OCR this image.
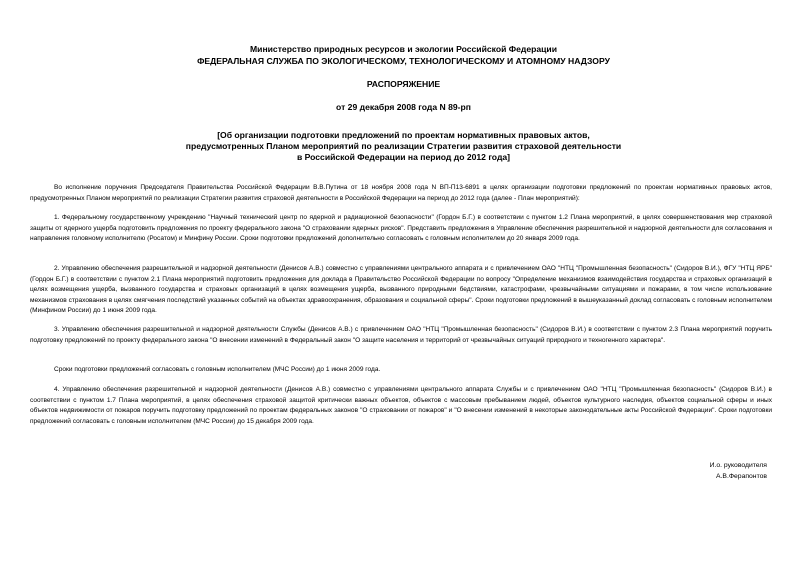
Министерство природных ресурсов и экологии Российской Федерации
ФЕДЕРАЛЬНАЯ СЛУЖБА ПО ЭКОЛОГИЧЕСКОМУ, ТЕХНОЛОГИЧЕСКОМУ И АТОМНОМУ НАДЗОРУ
РАСПОРЯЖЕНИЕ
от 29 декабря 2008 года N 89-рп
[Об организации подготовки предложений по проектам нормативных правовых актов,
предусмотренных Планом мероприятий по реализации Стратегии развития страховой деятельности
в Российской Федерации на период до 2012 года]

Во исполнение поручения Председателя Правительства Российской Федерации В.В.Путина от 18 ноября 2008 года N ВП-П13-6891 в целях организации подготовки предложений по проектам нормативных правовых актов, предусмотренных Планом мероприятий по реализации Стратегии развития страховой деятельности в Российской Федерации на период до 2012 года (далее - План мероприятий):

1. Федеральному государственному учреждению "Научный технический центр по ядерной и радиационной безопасности" (Гордон Б.Г.) в соответствии с пунктом 1.2 Плана мероприятий, в целях совершенствования мер страховой защиты от ядерного ущерба подготовить предложения по проекту федерального закона "О страховании ядерных рисков". Представить предложения в Управление обеспечения разрешительной и надзорной деятельности для согласования и направления головному исполнителю (Росатом) и Минфину России. Сроки подготовки предложений дополнительно согласовать с головным исполнителем до 20 января 2009 года.

2. Управлению обеспечения разрешительной и надзорной деятельности (Денисов А.В.) совместно с управлениями центрального аппарата и с привлечением ОАО "НТЦ "Промышленная безопасность" (Сидоров В.И.), ФГУ "НТЦ ЯРБ" (Гордон Б.Г.) в соответствии с пунктом 2.1 Плана мероприятий подготовить предложения для доклада в Правительство Российской Федерации по вопросу "Определение механизмов взаимодействия государства и страховых организаций в целях возмещения ущерба, вызванного государства и страховых организаций в целях возмещения ущерба, вызванного природными бедствиями, катастрофами, чрезвычайными ситуациями и пожарами, в том числе использование механизмов страхования в целях смягчения последствий указанных событий на объектах здравоохранения, образования и социальной сферы". Сроки подготовки предложений в вышеуказанный доклад согласовать с головным исполнителем (Минфином России) до 1 июня 2009 года.

3. Управлению обеспечения разрешительной и надзорной деятельности Службы (Денисов А.В.) с привлечением ОАО "НТЦ "Промышленная безопасность" (Сидоров В.И.) в соответствии с пунктом 2.3 Плана мероприятий поручить подготовку предложений по проекту федерального закона "О внесении изменений в Федеральный закон "О защите населения и территорий от чрезвычайных ситуаций природного и техногенного характера".

Сроки подготовки предложений согласовать с головным исполнителем (МЧС России) до 1 июня 2009 года.

4. Управлению обеспечения разрешительной и надзорной деятельности (Денисов А.В.) совместно с управлениями центрального аппарата Службы и с привлечением ОАО "НТЦ "Промышленная безопасность" (Сидоров В.И.) в соответствии с пунктом 1.7 Плана мероприятий, в целях обеспечения страховой защитой критически важных объектов, объектов с массовым пребыванием людей, объектов культурного наследия, объектов социальной сферы и иных объектов недвижимости от пожаров поручить подготовку предложений по проектам федеральных законов "О страховании от пожаров" и "О внесении изменений в некоторые законодательные акты Российской Федерации". Сроки подготовки предложений согласовать с головным исполнителем (МЧС России) до 15 декабря 2009 года.

И.о. руководителя
А.В.Ферапонтов
